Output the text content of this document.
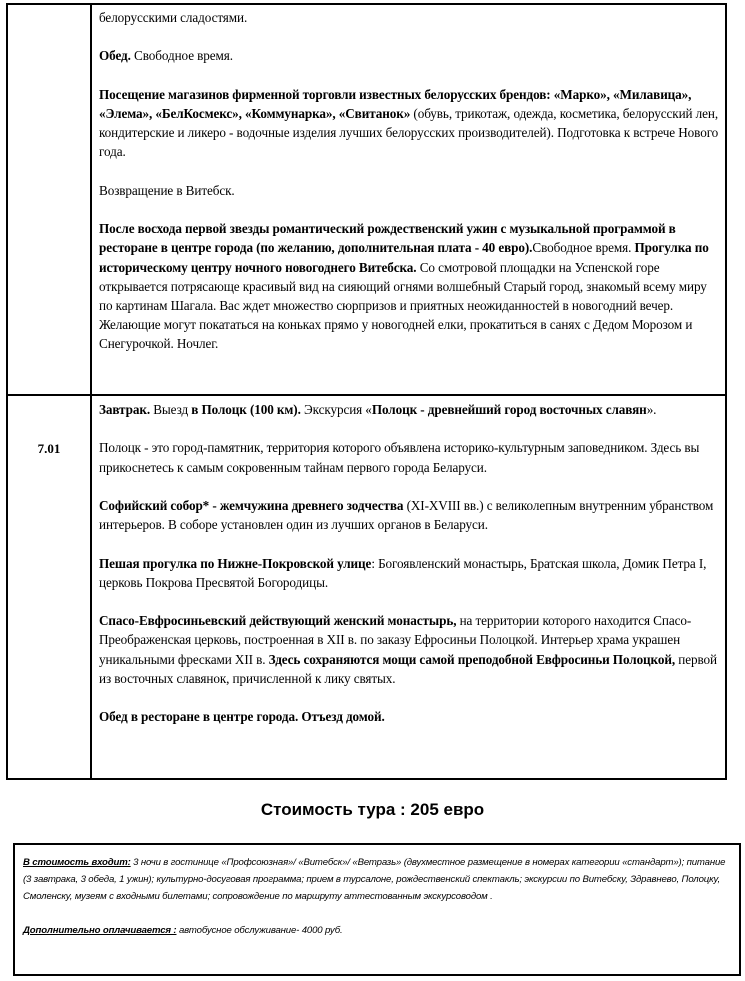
белорусскими сладостями.

Обед. Свободное время.

Посещение магазинов фирменной торговли известных белорусских брендов: «Марко», «Милавица», «Элема», «БелКосмекс», «Коммунарка», «Свитанок» (обувь, трикотаж, одежда, косметика, белорусский лен, кондитерские и ликеро - водочные изделия лучших белорусских производителей). Подготовка к встрече Нового года.

Возвращение в Витебск.

После восхода первой звезды романтический рождественский ужин с музыкальной программой в ресторане в центре города (по желанию, дополнительная плата - 40 евро).Свободное время. Прогулка по историческому центру ночного новогоднего Витебска. Со смотровой площадки на Успенской горе открывается потрясающе красивый вид на сияющий огнями волшебный Старый город, знакомый всему миру по картинам Шагала. Вас ждет множество сюрпризов и приятных неожиданностей в новогодний вечер. Желающие могут покататься на коньках прямо у новогодней елки, прокатиться в санях с Дедом Морозом и Снегурочкой. Ночлег.

7.01

Завтрак. Выезд в Полоцк (100 км). Экскурсия «Полоцк - древнейший город восточных славян».

Полоцк - это город-памятник, территория которого объявлена историко-культурным заповедником. Здесь вы прикоснетесь к самым сокровенным тайнам первого города Беларуси.

Софийский собор* - жемчужина древнего зодчества (XI-XVIII вв.) с великолепным внутренним убранством интерьеров. В соборе установлен один из лучших органов в Беларуси.

Пешая прогулка по Нижне-Покровской улице: Богоявленский монастырь, Братская школа, Домик Петра I, церковь Покрова Пресвятой Богородицы.

Спасо-Евфросиньевский действующий женский монастырь, на территории которого находится Спасо-Преображенская церковь, построенная в XII в. по заказу Ефросиньи Полоцкой. Интерьер храма украшен уникальными фресками XII в. Здесь сохраняются мощи самой преподобной Евфросиньи Полоцкой, первой из восточных славянок, причисленной к лику святых.

Обед в ресторане в центре города. Отъезд домой.

Стоимость тура : 205 евро

В стоимость входит: 3 ночи в гостинице «Профсоюзная»/ «Витебск»/ «Ветразь» (двухместное размещение в номерах категории «стандарт»); питание (3 завтрака, 3 обеда, 1 ужин); культурно-досуговая программа; прием в турсалоне, рождественский спектакль; экскурсии по Витебску, Здравнево, Полоцку, Смоленску, музеям с входными билетами; сопровождение по маршруту аттестованным экскурсоводом .

Дополнительно оплачивается : автобусное обслуживание- 4000 руб.
